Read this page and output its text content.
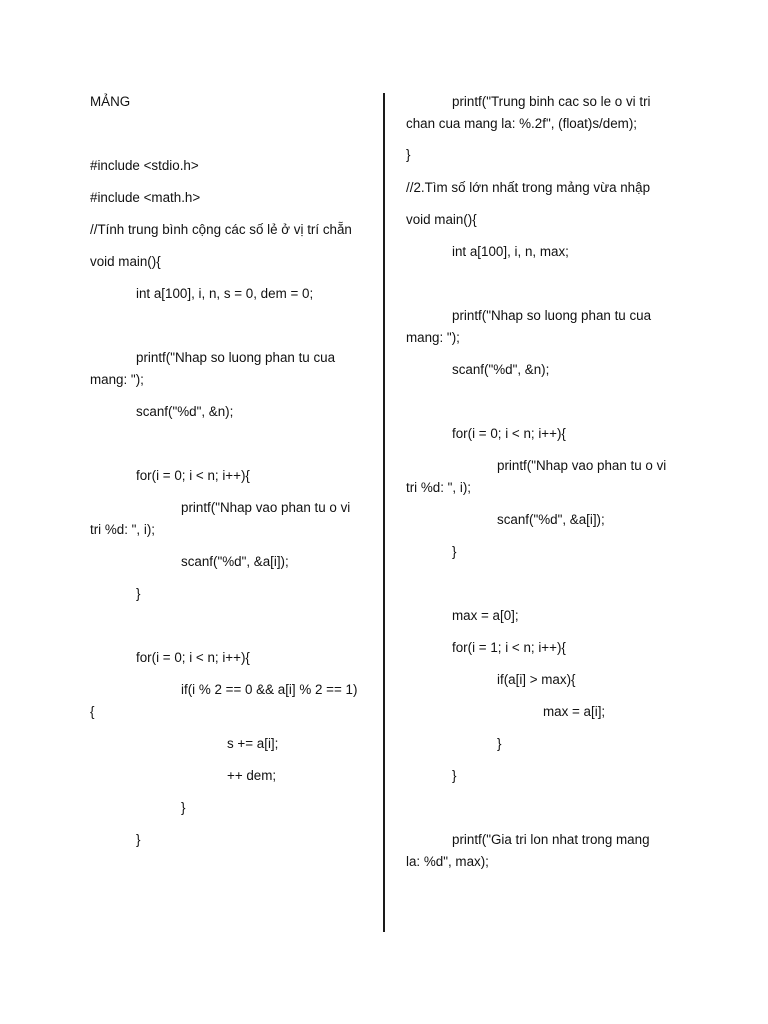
MẢNG
#include <stdio.h>
#include <math.h>
//Tính trung bình cộng các số lẻ ở vị trí chẵn
void main(){
int a[100], i, n, s = 0, dem = 0;
printf("Nhap so luong phan tu cua
mang: ");
scanf("%d", &n);
for(i = 0; i < n; i++){
printf("Nhap vao phan tu o vi
tri %d: ", i);
scanf("%d", &a[i]);
}
for(i = 0; i < n; i++){
if(i % 2 == 0 && a[i] % 2 == 1)
{
s += a[i];
++ dem;
}
}
printf("Trung binh cac so le o vi tri
chan cua mang la: %.2f", (float)s/dem);
}
//2.Tìm số lớn nhất trong mảng vừa nhập
void main(){
int a[100], i, n, max;
printf("Nhap so luong phan tu cua
mang: ");
scanf("%d", &n);
for(i = 0; i < n; i++){
printf("Nhap vao phan tu o vi
tri %d: ", i);
scanf("%d", &a[i]);
}
max = a[0];
for(i = 1; i < n; i++){
if(a[i] > max){
max = a[i];
}
}
printf("Gia tri lon nhat trong mang
la: %d", max);
